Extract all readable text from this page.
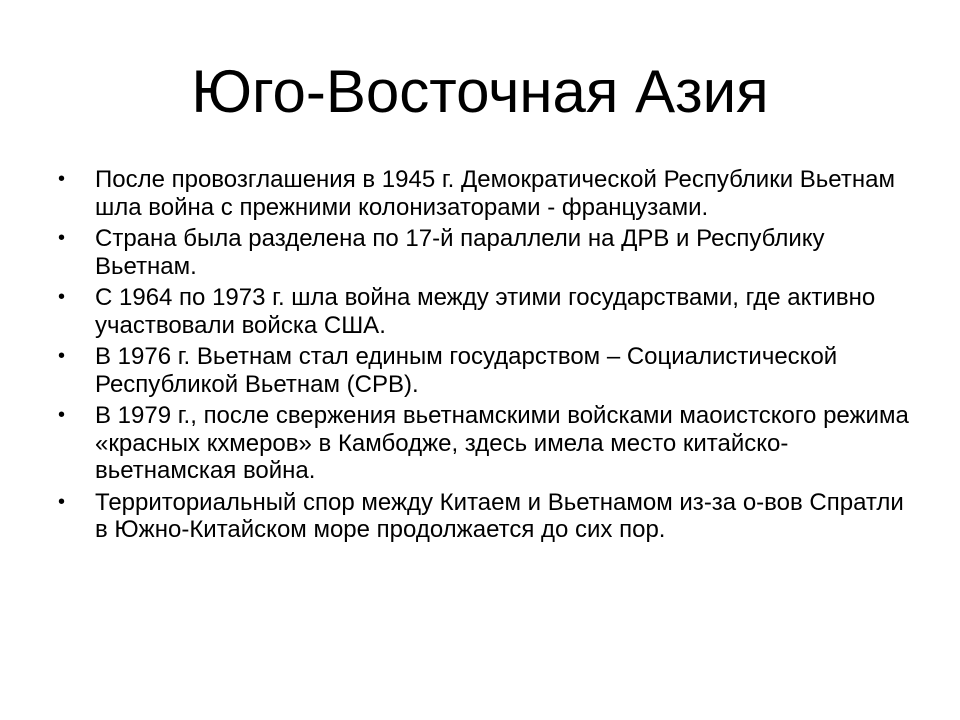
Юго-Восточная Азия
• После провозглашения в 1945 г. Демократической Республики Вьетнам шла война с прежними колонизаторами - французами.
• Страна была разделена по 17-й параллели на ДРВ и Республику Вьетнам.
• С 1964 по 1973 г. шла война между этими государствами, где активно участвовали войска США.
• В 1976 г. Вьетнам стал единым государством – Социалистической Республикой Вьетнам (СРВ).
• В 1979 г., после свержения вьетнамскими войсками маоистского режима «красных кхмеров» в Камбодже, здесь имела место китайско-вьетнамская война.
• Территориальный спор между Китаем и Вьетнамом из-за о-вов Спратли в Южно-Китайском море продолжается до сих пор.
